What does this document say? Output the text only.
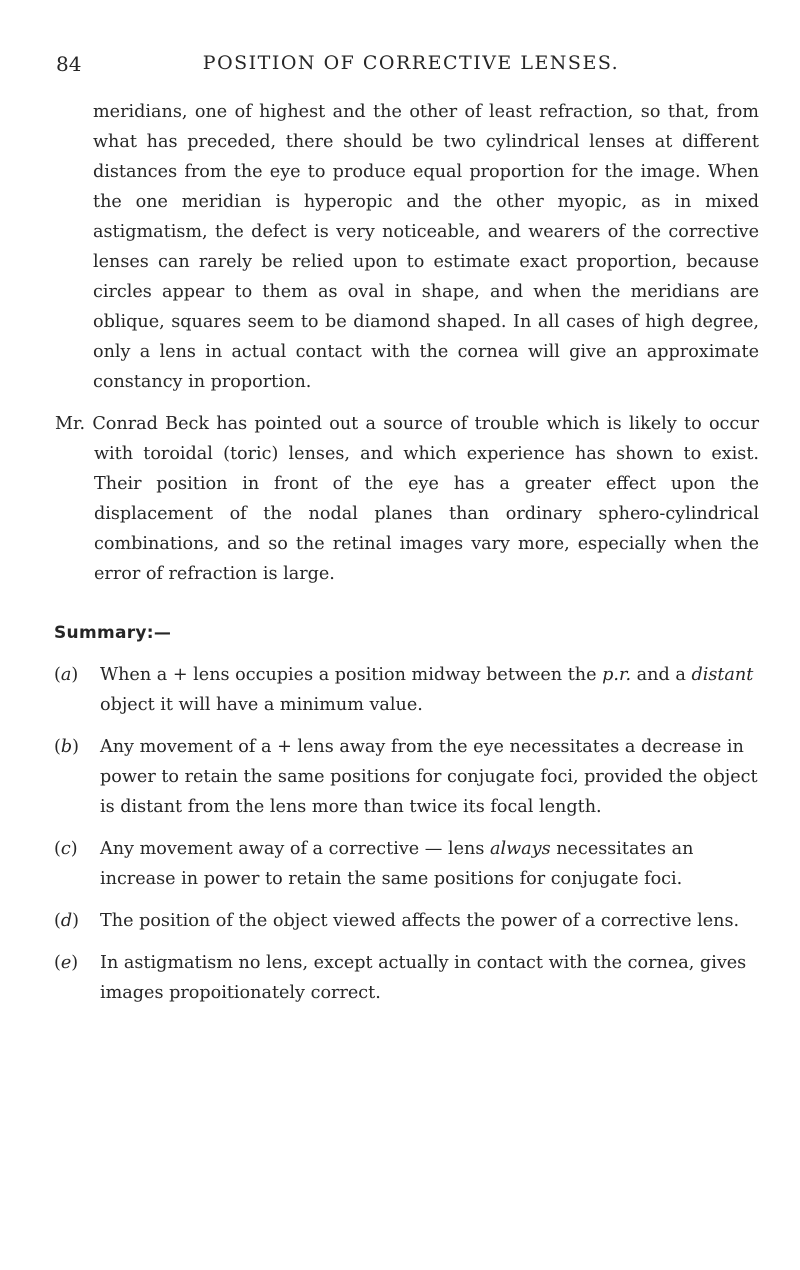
84	POSITION OF CORRECTIVE LENSES.

meridians, one of highest and the other of least refraction, so that, from what has preceded, there should be two cylindrical lenses at different distances from the eye to produce equal proportion for the image. When the one meridian is hyperopic and the other myopic, as in mixed astigmatism, the defect is very noticeable, and wearers of the corrective lenses can rarely be relied upon to estimate exact proportion, because circles appear to them as oval in shape, and when the meridians are oblique, squares seem to be diamond shaped. In all cases of high degree, only a lens in actual contact with the cornea will give an approximate constancy in proportion.

Mr. Conrad Beck has pointed out a source of trouble which is likely to occur with toroidal (toric) lenses, and which experience has shown to exist. Their position in front of the eye has a greater effect upon the displacement of the nodal planes than ordinary sphero-cylindrical combinations, and so the retinal images vary more, especially when the error of refraction is large.

Summary:—
(a)	When a + lens occupies a position midway between the p.r. and a distant object it will have a minimum value.
(b)	Any movement of a + lens away from the eye necessitates a decrease in power to retain the same positions for conjugate foci, provided the object is distant from the lens more than twice its focal length.
(c)	Any movement away of a corrective — lens always necessitates an increase in power to retain the same positions for conjugate foci.
(d)	The position of the object viewed affects the power of a corrective lens.
(e)	In astigmatism no lens, except actually in contact with the cornea, gives images propoitionately correct.
